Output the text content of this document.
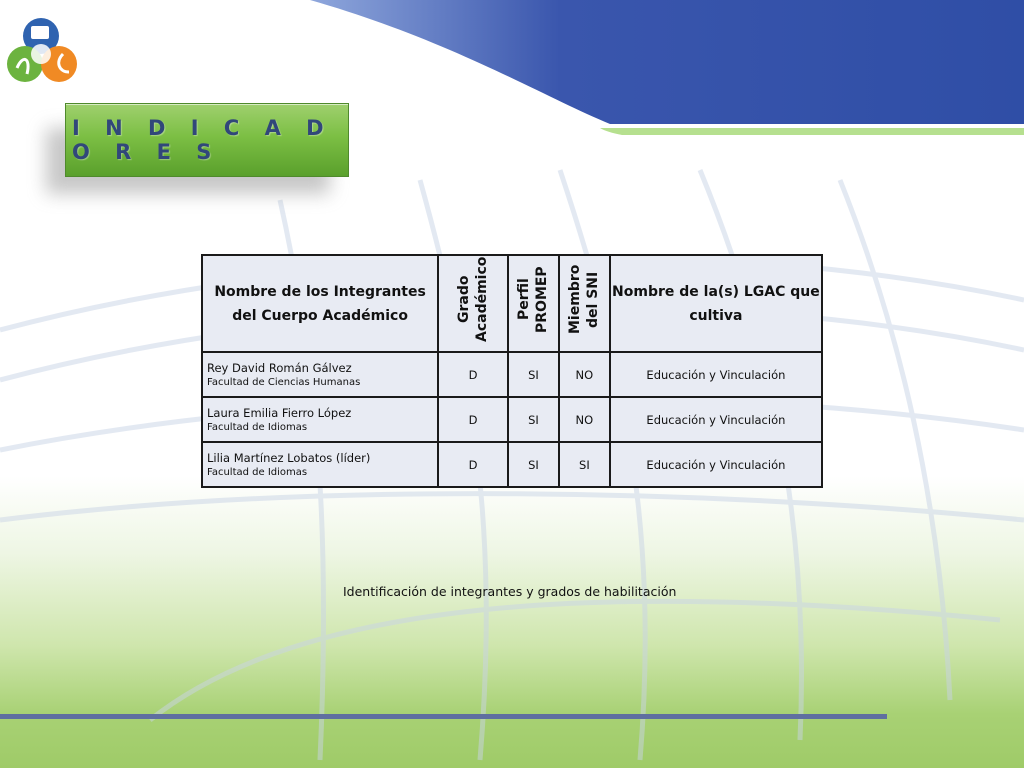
I N D I C A D O R E S
Nombre de los Integrantes del Cuerpo Académico	Grado Académico	Perfil PROMEP	Miembro del SNI	Nombre de la(s) LGAC que cultiva

Rey David Román Gálvez
Facultad de Ciencias Humanas	D	SI	NO	Educación y Vinculación

Laura Emilia Fierro López
Facultad de Idiomas	D	SI	NO	Educación y Vinculación

Lilia Martínez Lobatos (líder)
Facultad de Idiomas	D	SI	SI	Educación y Vinculación
Identificación de integrantes y grados de habilitación
